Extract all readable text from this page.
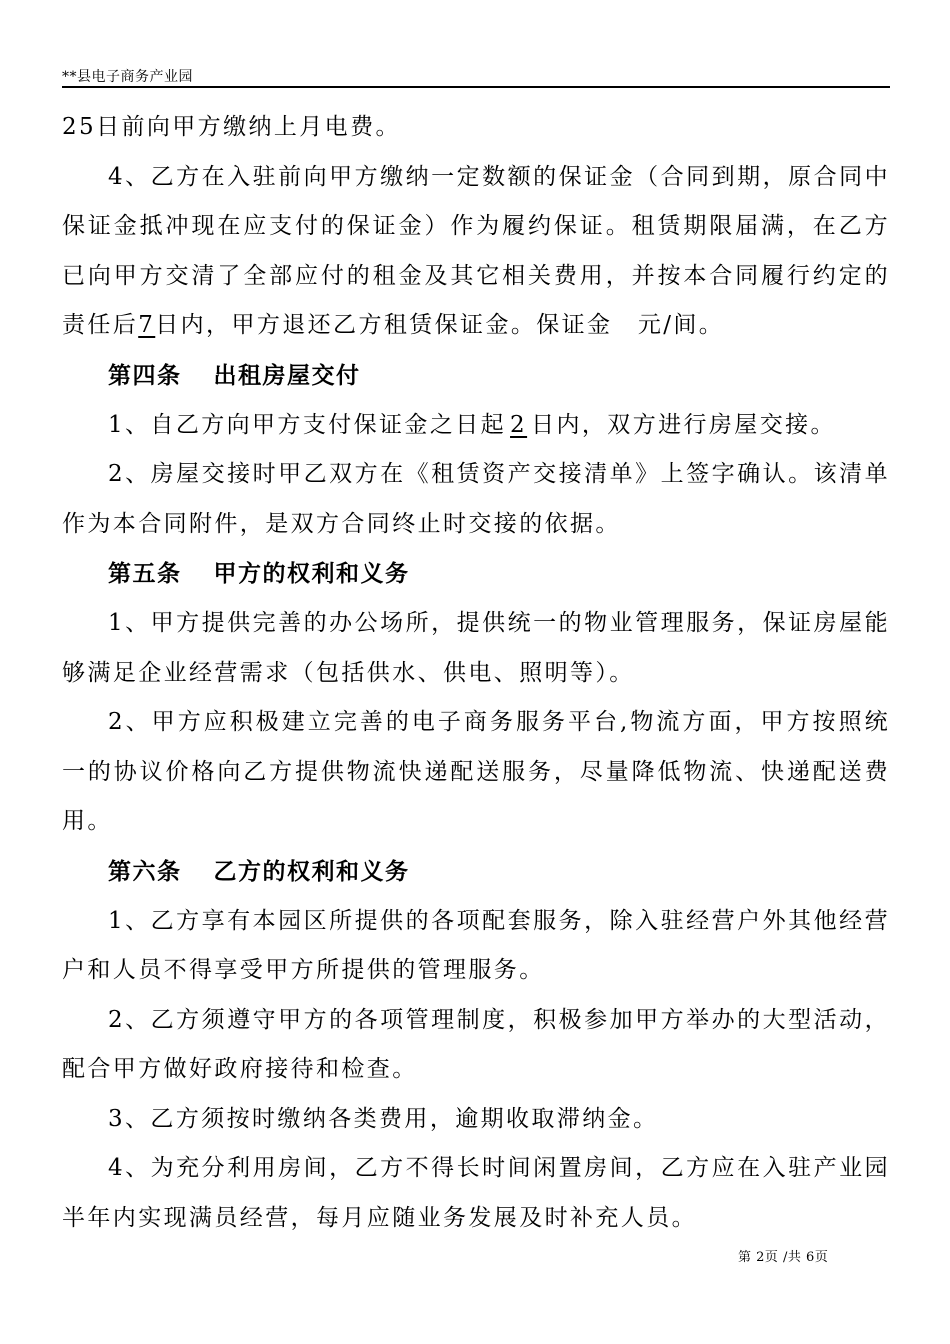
**县电子商务产业园

25日前向甲方缴纳上月电费。

4、乙方在入驻前向甲方缴纳一定数额的保证金（合同到期，原合同中保证金抵冲现在应支付的保证金）作为履约保证。租赁期限届满，在乙方已向甲方交清了全部应付的租金及其它相关费用，并按本合同履行约定的责任后7日内，甲方退还乙方租赁保证金。保证金　 元/间。

第四条 出租房屋交付

1、自乙方向甲方支付保证金之日起 2 日内，双方进行房屋交接。

2、房屋交接时甲乙双方在《租赁资产交接清单》上签字确认。该清单作为本合同附件，是双方合同终止时交接的依据。

第五条 甲方的权利和义务

1、甲方提供完善的办公场所，提供统一的物业管理服务，保证房屋能够满足企业经营需求（包括供水、供电、照明等）。

2、甲方应积极建立完善的电子商务服务平台,物流方面，甲方按照统一的协议价格向乙方提供物流快递配送服务，尽量降低物流、快递配送费用。

第六条 乙方的权利和义务

1、乙方享有本园区所提供的各项配套服务，除入驻经营户外其他经营户和人员不得享受甲方所提供的管理服务。

2、乙方须遵守甲方的各项管理制度，积极参加甲方举办的大型活动，配合甲方做好政府接待和检查。

3、乙方须按时缴纳各类费用，逾期收取滞纳金。

4、为充分利用房间，乙方不得长时间闲置房间，乙方应在入驻产业园半年内实现满员经营，每月应随业务发展及时补充人员。

第 2页 /共 6页
